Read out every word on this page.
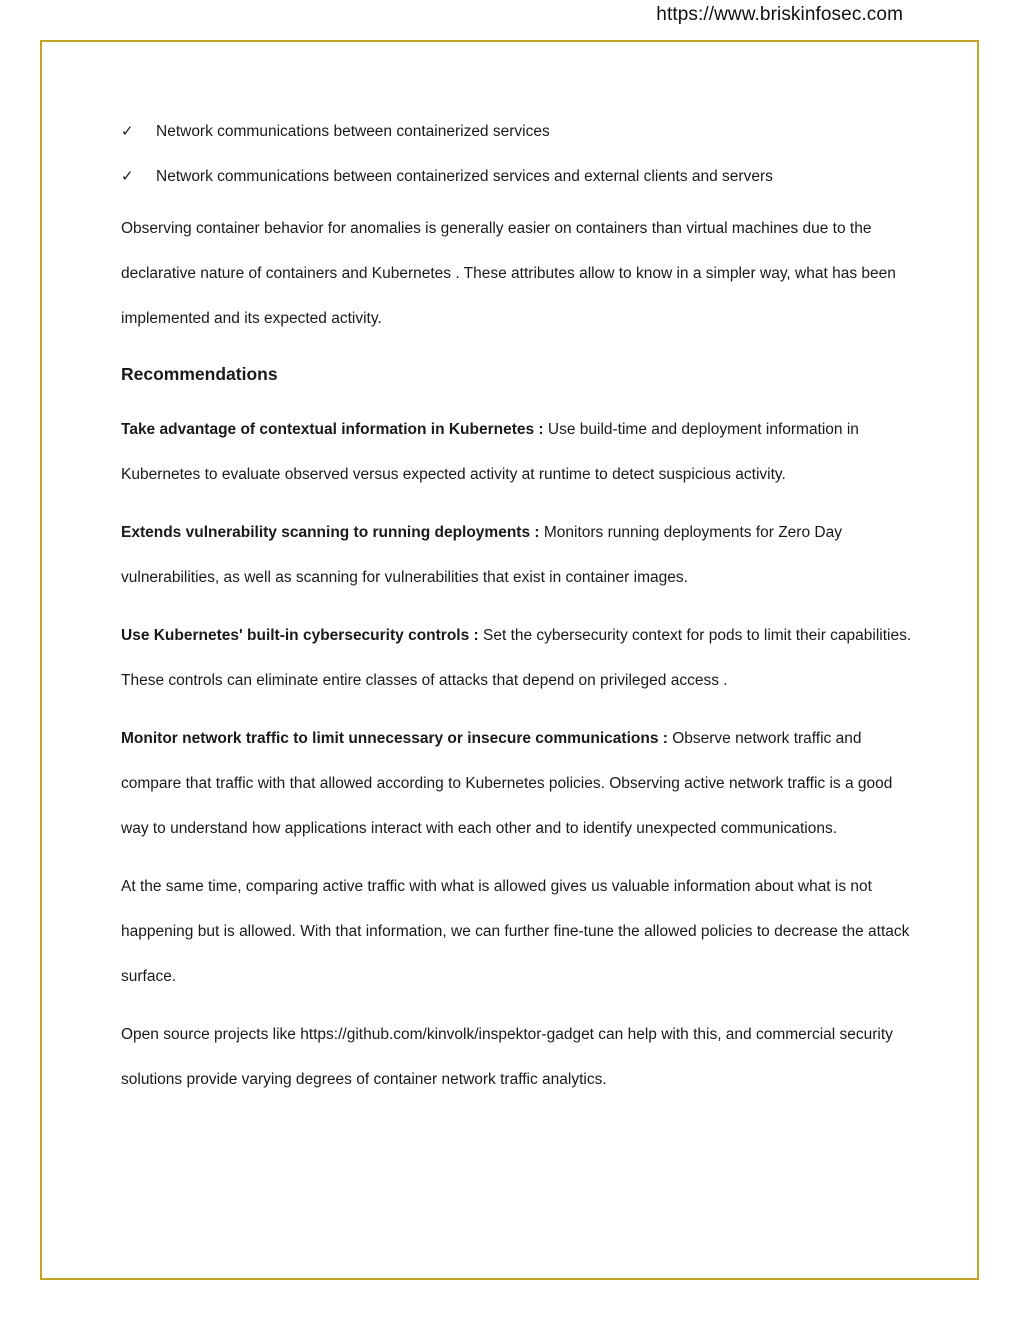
https://www.briskinfosec.com
✓ Network communications between containerized services
✓ Network communications between containerized services and external clients and servers

Observing container behavior for anomalies is generally easier on containers than virtual machines due to the declarative nature of containers and Kubernetes . These attributes allow to know in a simpler way, what has been implemented and its expected activity.

Recommendations

Take advantage of contextual information in Kubernetes : Use build-time and deployment information in Kubernetes to evaluate observed versus expected activity at runtime to detect suspicious activity.

Extends vulnerability scanning to running deployments : Monitors running deployments for Zero Day vulnerabilities, as well as scanning for vulnerabilities that exist in container images.

Use Kubernetes' built-in cybersecurity controls : Set the cybersecurity context for pods to limit their capabilities. These controls can eliminate entire classes of attacks that depend on privileged access .

Monitor network traffic to limit unnecessary or insecure communications : Observe network traffic and compare that traffic with that allowed according to Kubernetes policies. Observing active network traffic is a good way to understand how applications interact with each other and to identify unexpected communications.

At the same time, comparing active traffic with what is allowed gives us valuable information about what is not happening but is allowed. With that information, we can further fine-tune the allowed policies to decrease the attack surface.

Open source projects like https://github.com/kinvolk/inspektor-gadget can help with this, and commercial security solutions provide varying degrees of container network traffic analytics.
